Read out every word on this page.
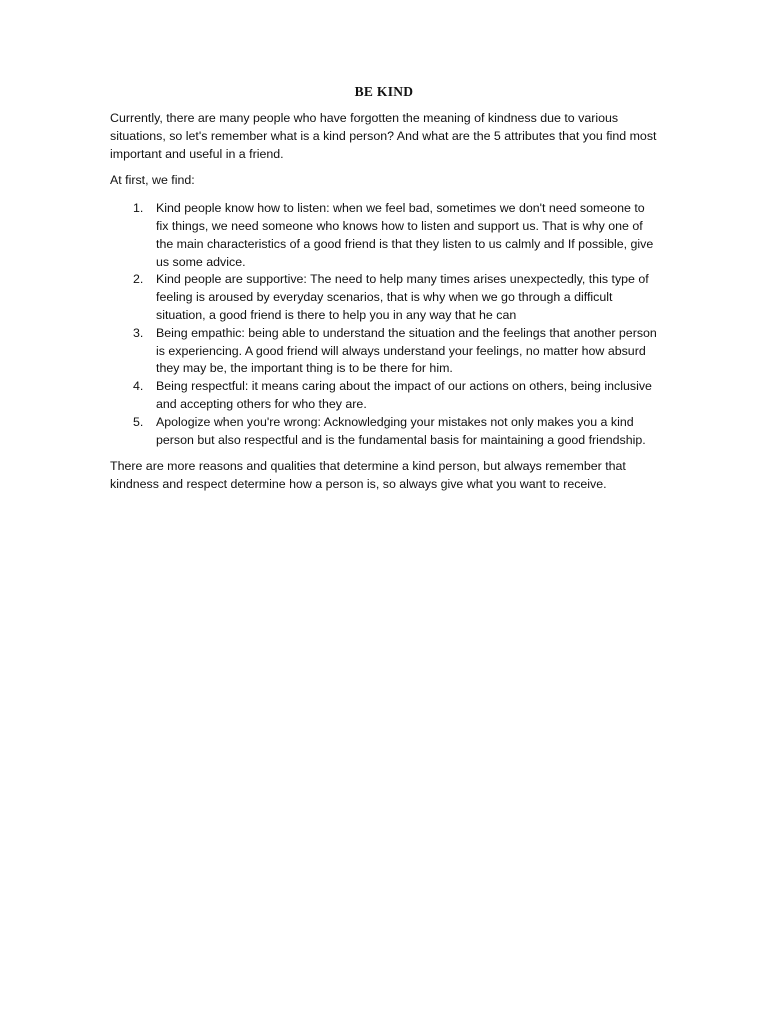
BE KIND

Currently, there are many people who have forgotten the meaning of kindness due to various situations, so let's remember what is a kind person? And what are the 5 attributes that you find most important and useful in a friend.

At first, we find:

1. Kind people know how to listen: when we feel bad, sometimes we don't need someone to fix things, we need someone who knows how to listen and support us. That is why one of the main characteristics of a good friend is that they listen to us calmly and If possible, give us some advice.
2. Kind people are supportive: The need to help many times arises unexpectedly, this type of feeling is aroused by everyday scenarios, that is why when we go through a difficult situation, a good friend is there to help you in any way that he can
3. Being empathic: being able to understand the situation and the feelings that another person is experiencing. A good friend will always understand your feelings, no matter how absurd they may be, the important thing is to be there for him.
4. Being respectful: it means caring about the impact of our actions on others, being inclusive and accepting others for who they are.
5. Apologize when you're wrong: Acknowledging your mistakes not only makes you a kind person but also respectful and is the fundamental basis for maintaining a good friendship.

There are more reasons and qualities that determine a kind person, but always remember that kindness and respect determine how a person is, so always give what you want to receive.
